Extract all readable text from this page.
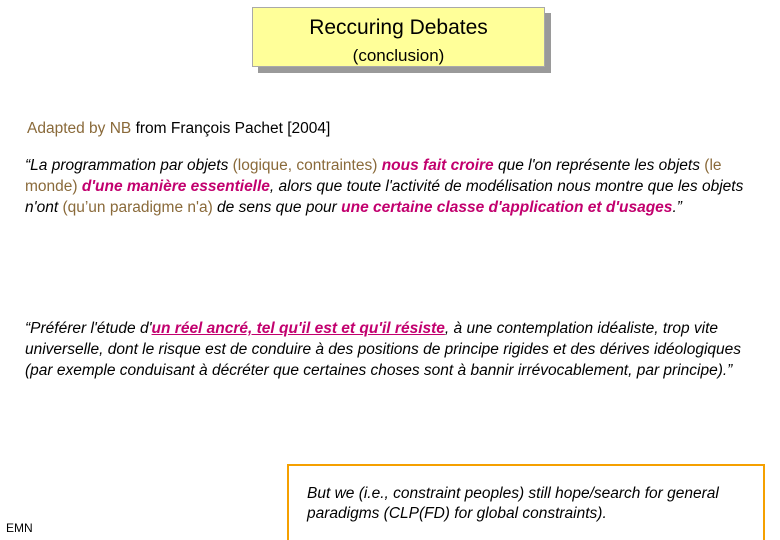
Reccuring Debates
(conclusion)
Adapted by NB from François Pachet [2004]
“La programmation par objets (logique, contraintes) nous fait croire que l'on représente les objets (le monde) d'une manière essentielle, alors que toute l'activité de modélisation nous montre que les objets n'ont (qu’un paradigme n'a) de sens que pour une certaine classe d'application et d'usages.”
“Préférer l'étude d'un réel ancré, tel qu'il est et qu'il résiste, à une contemplation idéaliste, trop vite universelle, dont le risque est de conduire à des positions de principe rigides et des dérives idéologiques (par exemple conduisant à décréter que certaines choses sont à bannir irrévocablement, par principe).”
EMN
But we (i.e., constraint peoples) still hope/search for general paradigms (CLP(FD) for global constraints).
